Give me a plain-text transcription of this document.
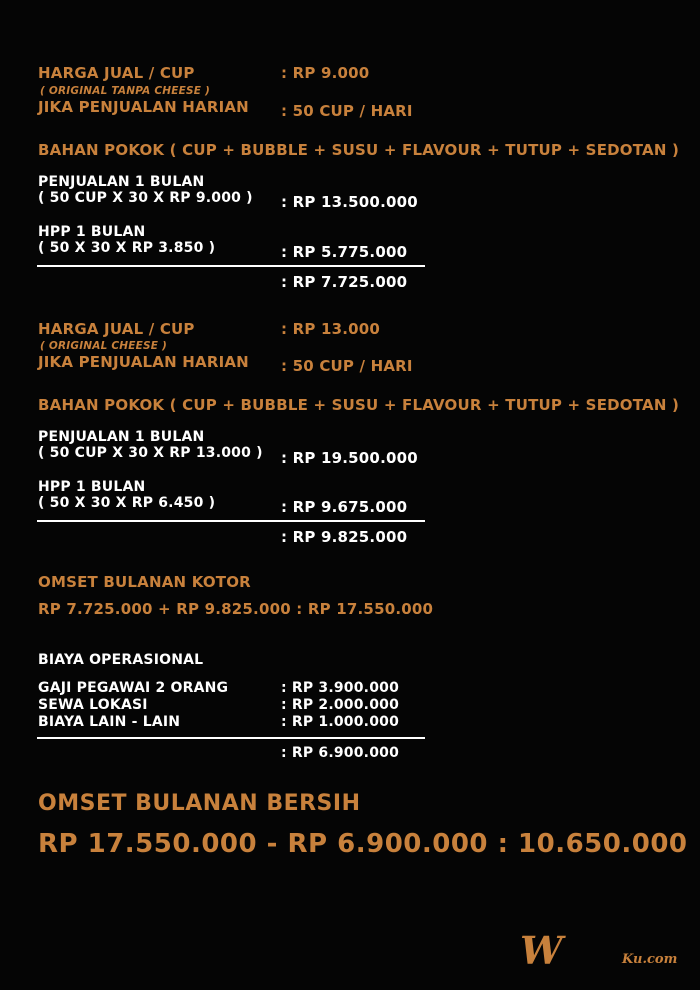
HARGA JUAL / CUP	: RP 9.000
( ORIGINAL TANPA CHEESE )
JIKA PENJUALAN HARIAN : 50 CUP / HARI
BAHAN POKOK ( CUP + BUBBLE + SUSU + FLAVOUR + TUTUP + SEDOTAN )
PENJUALAN 1 BULAN
( 50 CUP X 30 X RP 9.000 ) : RP 13.500.000
HPP 1 BULAN
( 50 X 30 X RP 3.850 )	: RP 5.775.000
: RP 7.725.000
HARGA JUAL / CUP	: RP 13.000
( ORIGINAL CHEESE )
JIKA PENJUALAN HARIAN : 50 CUP / HARI
BAHAN POKOK ( CUP + BUBBLE + SUSU + FLAVOUR + TUTUP + SEDOTAN )
PENJUALAN 1 BULAN
( 50 CUP X 30 X RP 13.000 ) : RP 19.500.000
HPP 1 BULAN
( 50 X 30 X RP 6.450 )	: RP 9.675.000
: RP 9.825.000
OMSET BULANAN KOTOR
RP 7.725.000 + RP 9.825.000 : RP 17.550.000
BIAYA OPERASIONAL
GAJI PEGAWAI 2 ORANG	: RP 3.900.000
SEWA LOKASI	: RP 2.000.000
BIAYA LAIN - LAIN	: RP 1.000.000
: RP 6.900.000
OMSET BULANAN BERSIH
RP 17.550.000 - RP 6.900.000 : 10.650.000
W	Ku.com
